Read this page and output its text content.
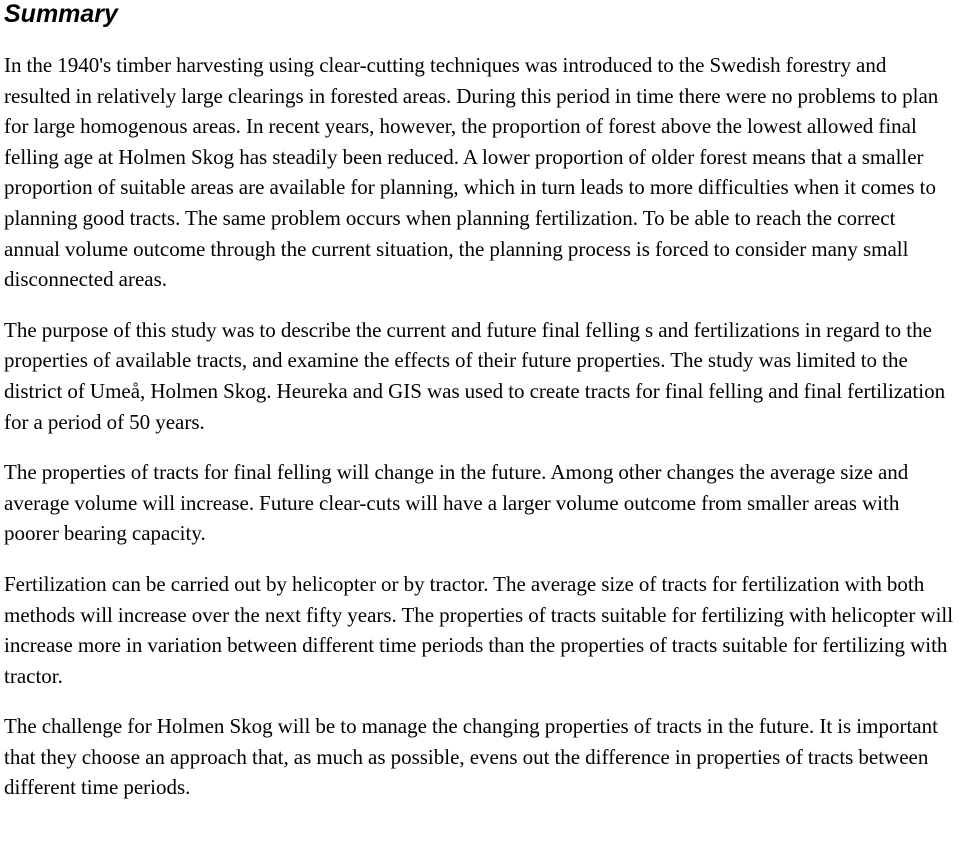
Summary

In the 1940's timber harvesting using clear-cutting techniques was introduced to the Swedish forestry and resulted in relatively large clearings in forested areas. During this period in time there were no problems to plan for large homogenous areas. In recent years, however, the proportion of forest above the lowest allowed final felling age at Holmen Skog has steadily been reduced. A lower proportion of older forest means that a smaller proportion of suitable areas are available for planning, which in turn leads to more difficulties when it comes to planning good tracts. The same problem occurs when planning fertilization. To be able to reach the correct annual volume outcome through the current situation, the planning process is forced to consider many small disconnected areas.

The purpose of this study was to describe the current and future final felling s and fertilizations in regard to the properties of available tracts, and examine the effects of their future properties. The study was limited to the district of Umeå, Holmen Skog. Heureka and GIS was used to create tracts for final felling and final fertilization for a period of 50 years.

The properties of tracts for final felling will change in the future. Among other changes the average size and average volume will increase. Future clear-cuts will have a larger volume outcome from smaller areas with poorer bearing capacity.

Fertilization can be carried out by helicopter or by tractor. The average size of tracts for fertilization with both methods will increase over the next fifty years. The properties of tracts suitable for fertilizing with helicopter will increase more in variation between different time periods than the properties of tracts suitable for fertilizing with tractor.

The challenge for Holmen Skog will be to manage the changing properties of tracts in the future. It is important that they choose an approach that, as much as possible, evens out the difference in properties of tracts between different time periods.
